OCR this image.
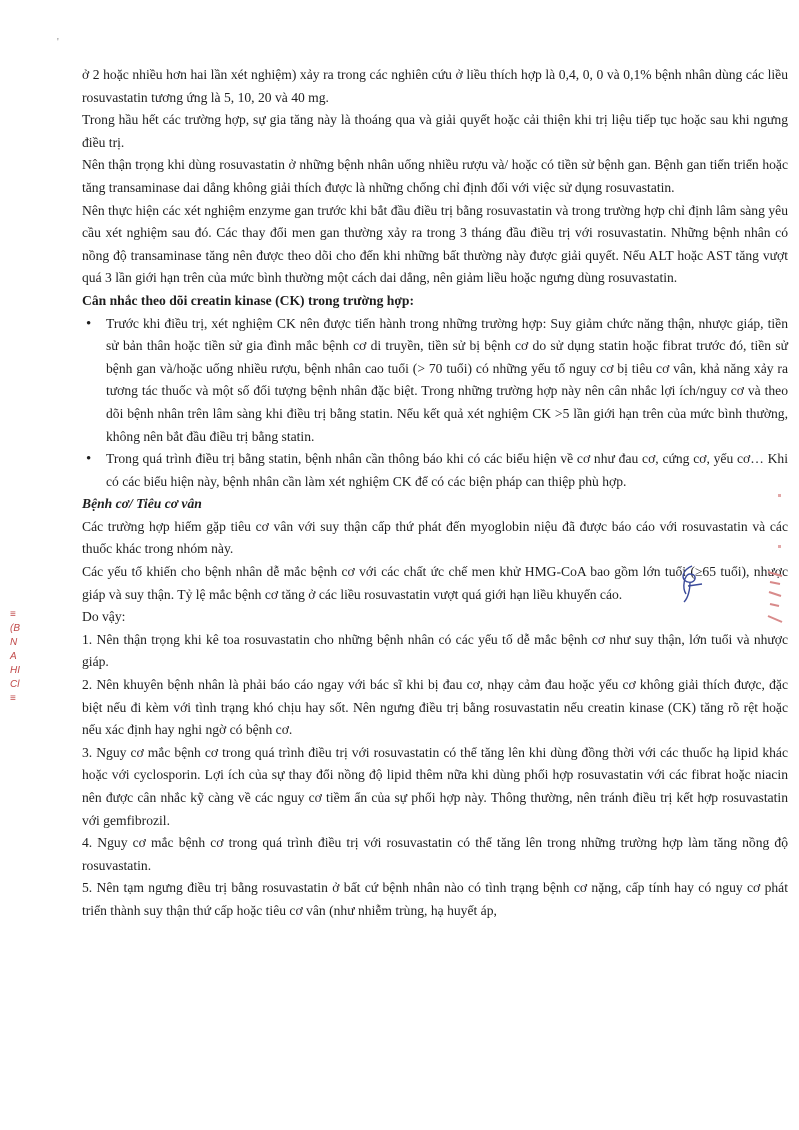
'

ở 2 hoặc nhiều hơn hai lần xét nghiệm) xảy ra trong các nghiên cứu ở liều thích hợp là 0,4, 0, 0 và 0,1% bệnh nhân dùng các liều rosuvastatin tương ứng là 5, 10, 20 và 40 mg.

Trong hầu hết các trường hợp, sự gia tăng này là thoáng qua và giải quyết hoặc cải thiện khi trị liệu tiếp tục hoặc sau khi ngưng điều trị.

Nên thận trọng khi dùng rosuvastatin ở những bệnh nhân uống nhiều rượu và/ hoặc có tiền sử bệnh gan. Bệnh gan tiến triển hoặc tăng transaminase dai dẳng không giải thích được là những chống chỉ định đối với việc sử dụng rosuvastatin.

Nên thực hiện các xét nghiệm enzyme gan trước khi bắt đầu điều trị bằng rosuvastatin và trong trường hợp chỉ định lâm sàng yêu cầu xét nghiệm sau đó. Các thay đổi men gan thường xảy ra trong 3 tháng đầu điều trị với rosuvastatin. Những bệnh nhân có nồng độ transaminase tăng nên được theo dõi cho đến khi những bất thường này được giải quyết. Nếu ALT hoặc AST tăng vượt quá 3 lần giới hạn trên của mức bình thường một cách dai dẳng, nên giảm liều hoặc ngưng dùng rosuvastatin.

Cân nhắc theo dõi creatin kinase (CK) trong trường hợp:

• Trước khi điều trị, xét nghiệm CK nên được tiến hành trong những trường hợp: Suy giảm chức năng thận, nhược giáp, tiền sử bản thân hoặc tiền sử gia đình mắc bệnh cơ di truyền, tiền sử bị bệnh cơ do sử dụng statin hoặc fibrat trước đó, tiền sử bệnh gan và/hoặc uống nhiều rượu, bệnh nhân cao tuổi (> 70 tuổi) có những yếu tố nguy cơ bị tiêu cơ vân, khả năng xảy ra tương tác thuốc và một số đối tượng bệnh nhân đặc biệt. Trong những trường hợp này nên cân nhắc lợi ích/nguy cơ và theo dõi bệnh nhân trên lâm sàng khi điều trị bằng statin. Nếu kết quả xét nghiệm CK >5 lần giới hạn trên của mức bình thường, không nên bắt đầu điều trị bằng statin.
• Trong quá trình điều trị bằng statin, bệnh nhân cần thông báo khi có các biểu hiện về cơ như đau cơ, cứng cơ, yếu cơ… Khi có các biểu hiện này, bệnh nhân cần làm xét nghiệm CK để có các biện pháp can thiệp phù hợp.

Bệnh cơ/ Tiêu cơ vân

Các trường hợp hiếm gặp tiêu cơ vân với suy thận cấp thứ phát đến myoglobin niệu đã được báo cáo với rosuvastatin và các thuốc khác trong nhóm này.

Các yếu tố khiến cho bệnh nhân dễ mắc bệnh cơ với các chất ức chế men khử HMG-CoA bao gồm lớn tuổi (≥65 tuổi), nhược giáp và suy thận. Tỷ lệ mắc bệnh cơ tăng ở các liều rosuvastatin vượt quá giới hạn liều khuyến cáo.

Do vậy:

1. Nên thận trọng khi kê toa rosuvastatin cho những bệnh nhân có các yếu tố dễ mắc bệnh cơ như suy thận, lớn tuổi và nhược giáp.

2. Nên khuyên bệnh nhân là phải báo cáo ngay với bác sĩ khi bị đau cơ, nhạy cảm đau hoặc yếu cơ không giải thích được, đặc biệt nếu đi kèm với tình trạng khó chịu hay sốt. Nên ngưng điều trị bằng rosuvastatin nếu creatin kinase (CK) tăng rõ rệt hoặc nếu xác định hay nghi ngờ có bệnh cơ.

3. Nguy cơ mắc bệnh cơ trong quá trình điều trị với rosuvastatin có thể tăng lên khi dùng đồng thời với các thuốc hạ lipid khác hoặc với cyclosporin. Lợi ích của sự thay đổi nồng độ lipid thêm nữa khi dùng phối hợp rosuvastatin với các fibrat hoặc niacin nên được cân nhắc kỹ càng về các nguy cơ tiềm ẩn của sự phối hợp này. Thông thường, nên tránh điều trị kết hợp rosuvastatin với gemfibrozil.

4. Nguy cơ mắc bệnh cơ trong quá trình điều trị với rosuvastatin có thể tăng lên trong những trường hợp làm tăng nồng độ rosuvastatin.

5. Nên tạm ngưng điều trị bằng rosuvastatin ở bất cứ bệnh nhân nào có tình trạng bệnh cơ nặng, cấp tính hay có nguy cơ phát triển thành suy thận thứ cấp hoặc tiêu cơ vân (như nhiễm trùng, hạ huyết áp,

≡
(B
N
A
HI
Cl
≡
